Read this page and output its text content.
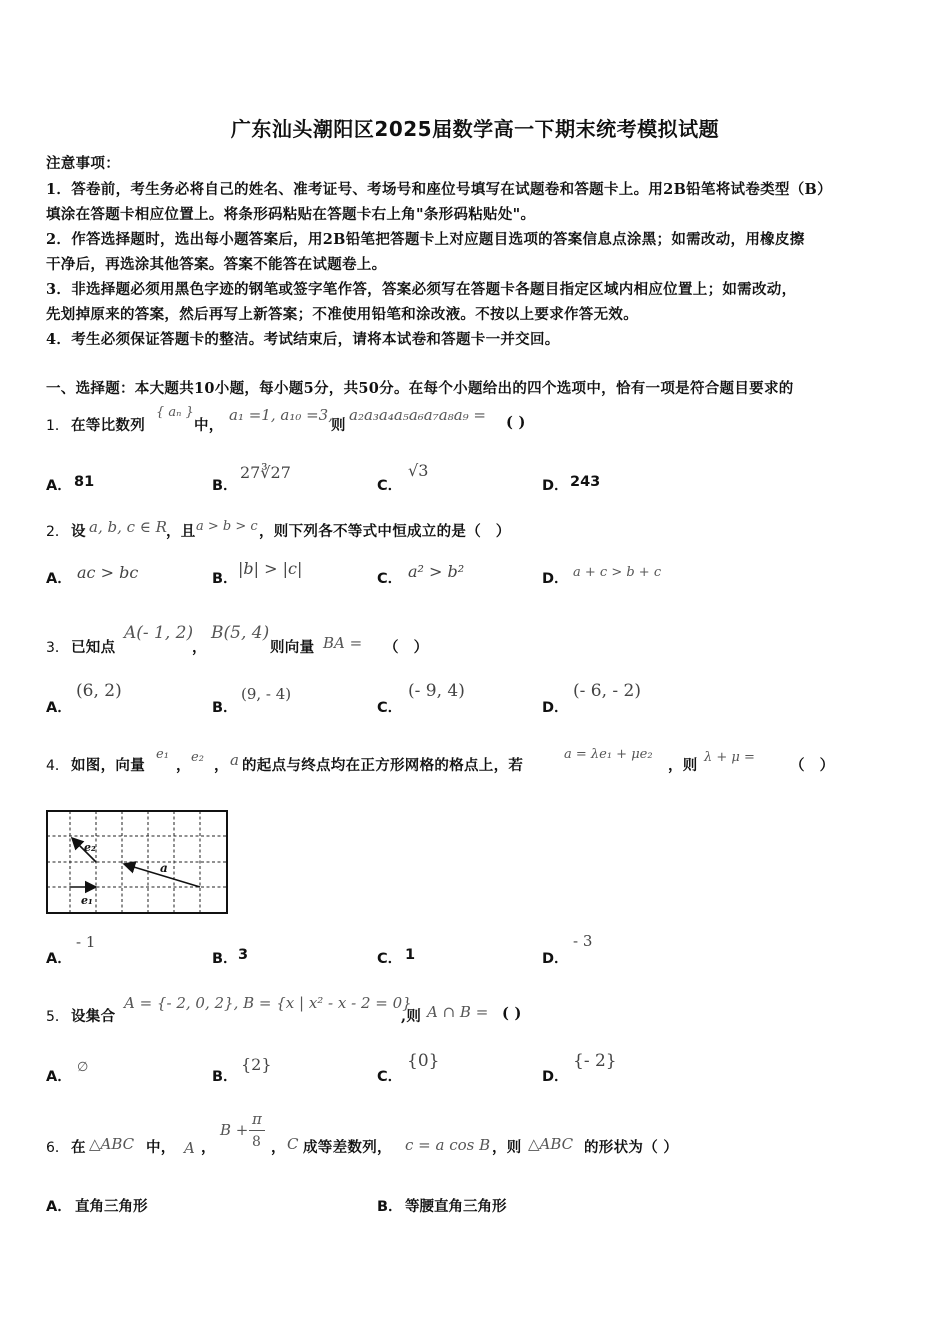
广东汕头潮阳区2025届数学高一下期末统考模拟试题
注意事项：
1．答卷前，考生务必将自己的姓名、准考证号、考场号和座位号填写在试题卷和答题卡上。用2B铅笔将试卷类型（B）
填涂在答题卡相应位置上。将条形码粘贴在答题卡右上角"条形码粘贴处"。
2．作答选择题时，选出每小题答案后，用2B铅笔把答题卡上对应题目选项的答案信息点涂黑；如需改动，用橡皮擦
干净后，再选涂其他答案。答案不能答在试题卷上。
3．非选择题必须用黑色字迹的钢笔或签字笔作答，答案必须写在答题卡各题目指定区域内相应位置上；如需改动，
先划掉原来的答案，然后再写上新答案；不准使用铅笔和涂改液。不按以上要求作答无效。
4．考生必须保证答题卡的整洁。考试结束后，请将本试卷和答题卡一并交回。
一、选择题：本大题共10小题，每小题5分，共50分。在每个小题给出的四个选项中，恰有一项是符合题目要求的
1． 在等比数列
{ aₙ }
中，
a₁ =1, a₁₀ =3,
则
a₂a₃a₄a₅a₆a₇a₈a₉ = ( )
A． 81	B．
27∛27
C．
√3
D． 243
2． 设 a, b, c ∈ R ，且 a > b > c ，则下列各不等式中恒成立的是（　）
A． ac > bc	B．
|b| > |c|
C． a² > b²	D． a + c > b + c
3． 已知点
A(- 1, 2)
，
B(5, 4)
则向量 BA = （　）
A．
(6, 2)
B．
(9, - 4)
C．
(- 9, 4)
D．
(- 6, - 2)
4． 如图，向量
e₁
， e₂ ， a 的起点与终点均在正方形网格的格点上，若
a = λe₁ + μe₂
，则 λ + μ = （　）
e₂
a
e₁
A．
- 1
B． 3	C． 1	D．
- 3
5． 设集合
A = {- 2, 0, 2}, B = {x | x² - x - 2 = 0}
,则 A ∩ B = ( )
A．
∅
B．
{2}
C．
{0}
D．
{- 2}
6． 在 △ABC 中， A ，
B +
π
8 ， C 成等差数列， c = a cos B ，则 △ABC 的形状为（ ）
A． 直角三角形	B． 等腰直角三角形
